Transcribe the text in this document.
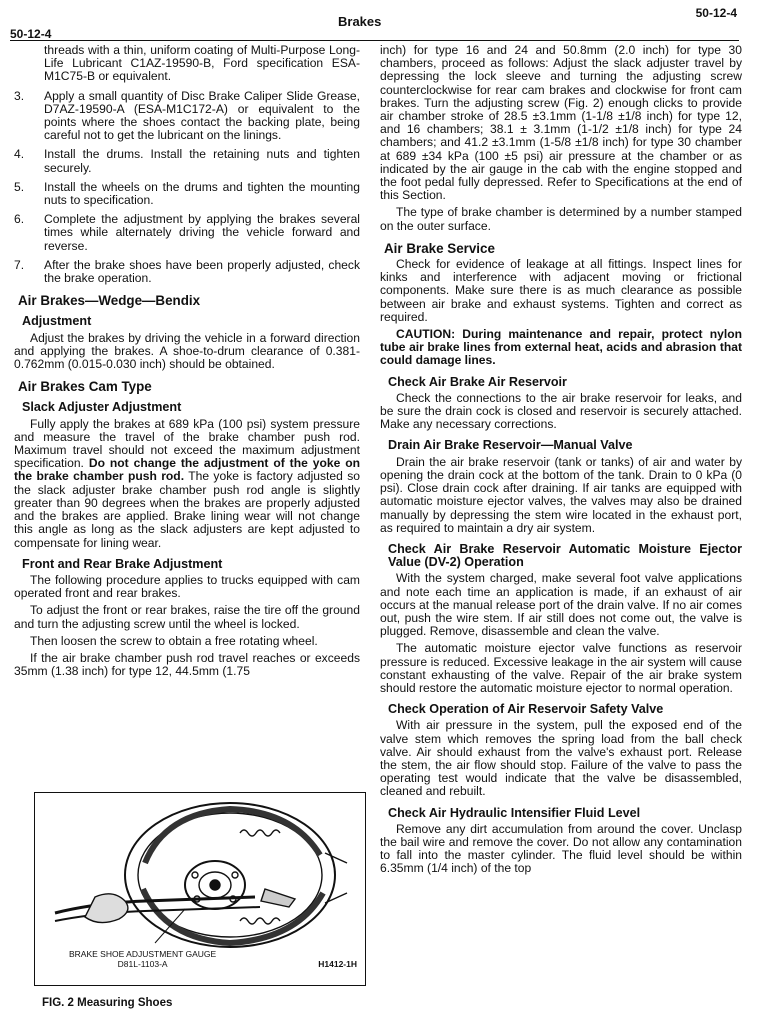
50-12-4
Brakes
50-12-4
threads with a thin, uniform coating of Multi-Purpose Long-Life Lubricant C1AZ-19590-B, Ford specification ESA-M1C75-B or equivalent.
3.	Apply a small quantity of Disc Brake Caliper Slide Grease, D7AZ-19590-A (ESA-M1C172-A) or equivalent to the points where the shoes contact the backing plate, being careful not to get the lubricant on the linings.
4.	Install the drums. Install the retaining nuts and tighten securely.
5.	Install the wheels on the drums and tighten the mounting nuts to specification.
6.	Complete the adjustment by applying the brakes several times while alternately driving the vehicle forward and reverse.
7.	After the brake shoes have been properly adjusted, check the brake operation.
Air Brakes—Wedge—Bendix
Adjustment

Adjust the brakes by driving the vehicle in a forward direction and applying the brakes. A shoe-to-drum clearance of 0.381-0.762mm (0.015-0.030 inch) should be obtained.

Air Brakes Cam Type
Slack Adjuster Adjustment

Fully apply the brakes at 689 kPa (100 psi) system pressure and measure the travel of the brake chamber push rod. Maximum travel should not exceed the maximum adjustment specification. Do not change the adjustment of the yoke on the brake chamber push rod. The yoke is factory adjusted so the slack adjuster brake chamber push rod angle is slightly greater than 90 degrees when the brakes are properly adjusted and the brakes are applied. Brake lining wear will not change this angle as long as the slack adjusters are kept adjusted to compensate for lining wear.

Front and Rear Brake Adjustment

The following procedure applies to trucks equipped with cam operated front and rear brakes.

To adjust the front or rear brakes, raise the tire off the ground and turn the adjusting screw until the wheel is locked.

Then loosen the screw to obtain a free rotating wheel.

If the air brake chamber push rod travel reaches or exceeds 35mm (1.38 inch) for type 12, 44.5mm (1.75

BRAKE SHOE ADJUSTMENT GAUGE
D81L-1103-A	H1412-1H
FIG. 2 Measuring Shoes

inch) for type 16 and 24 and 50.8mm (2.0 inch) for type 30 chambers, proceed as follows: Adjust the slack adjuster travel by depressing the lock sleeve and turning the adjusting screw counterclockwise for rear cam brakes and clockwise for front cam brakes. Turn the adjusting screw (Fig. 2) enough clicks to provide air chamber stroke of 28.5 ±3.1mm (1-1/8 ±1/8 inch) for type 12, and 16 chambers; 38.1 ± 3.1mm (1-1/2 ±1/8 inch) for type 24 chambers; and 41.2 ±3.1mm (1-5/8 ±1/8 inch) for type 30 chamber at 689 ±34 kPa (100 ±5 psi) air pressure at the chamber or as indicated by the air gauge in the cab with the engine stopped and the foot pedal fully depressed. Refer to Specifications at the end of this Section.

The type of brake chamber is determined by a number stamped on the outer surface.

Air Brake Service

Check for evidence of leakage at all fittings. Inspect lines for kinks and interference with adjacent moving or frictional components. Make sure there is as much clearance as possible between air brake and exhaust systems. Tighten and correct as required.

CAUTION: During maintenance and repair, protect nylon tube air brake lines from external heat, acids and abrasion that could damage lines.

Check Air Brake Air Reservoir

Check the connections to the air brake reservoir for leaks, and be sure the drain cock is closed and reservoir is securely attached. Make any necessary corrections.

Drain Air Brake Reservoir—Manual Valve

Drain the air brake reservoir (tank or tanks) of air and water by opening the drain cock at the bottom of the tank. Drain to 0 kPa (0 psi). Close drain cock after draining. If air tanks are equipped with automatic moisture ejector valves, the valves may also be drained manually by depressing the stem wire located in the exhaust port, as required to maintain a dry air system.

Check Air Brake Reservoir Automatic Moisture Ejector Value (DV-2) Operation

With the system charged, make several foot valve applications and note each time an application is made, if an exhaust of air occurs at the manual release port of the drain valve. If no air comes out, push the wire stem. If air still does not come out, the valve is plugged. Remove, disassemble and clean the valve.

The automatic moisture ejector valve functions as reservoir pressure is reduced. Excessive leakage in the air system will cause constant exhausting of the valve. Repair of the air brake system should restore the automatic moisture ejector to normal operation.

Check Operation of Air Reservoir Safety Valve

With air pressure in the system, pull the exposed end of the valve stem which removes the spring load from the ball check valve. Air should exhaust from the valve's exhaust port. Release the stem, the air flow should stop. Failure of the valve to pass the operating test would indicate that the valve be disassembled, cleaned and rebuilt.

Check Air Hydraulic Intensifier Fluid Level

Remove any dirt accumulation from around the cover. Unclasp the bail wire and remove the cover. Do not allow any contamination to fall into the master cylinder. The fluid level should be within 6.35mm (1/4 inch) of the top
